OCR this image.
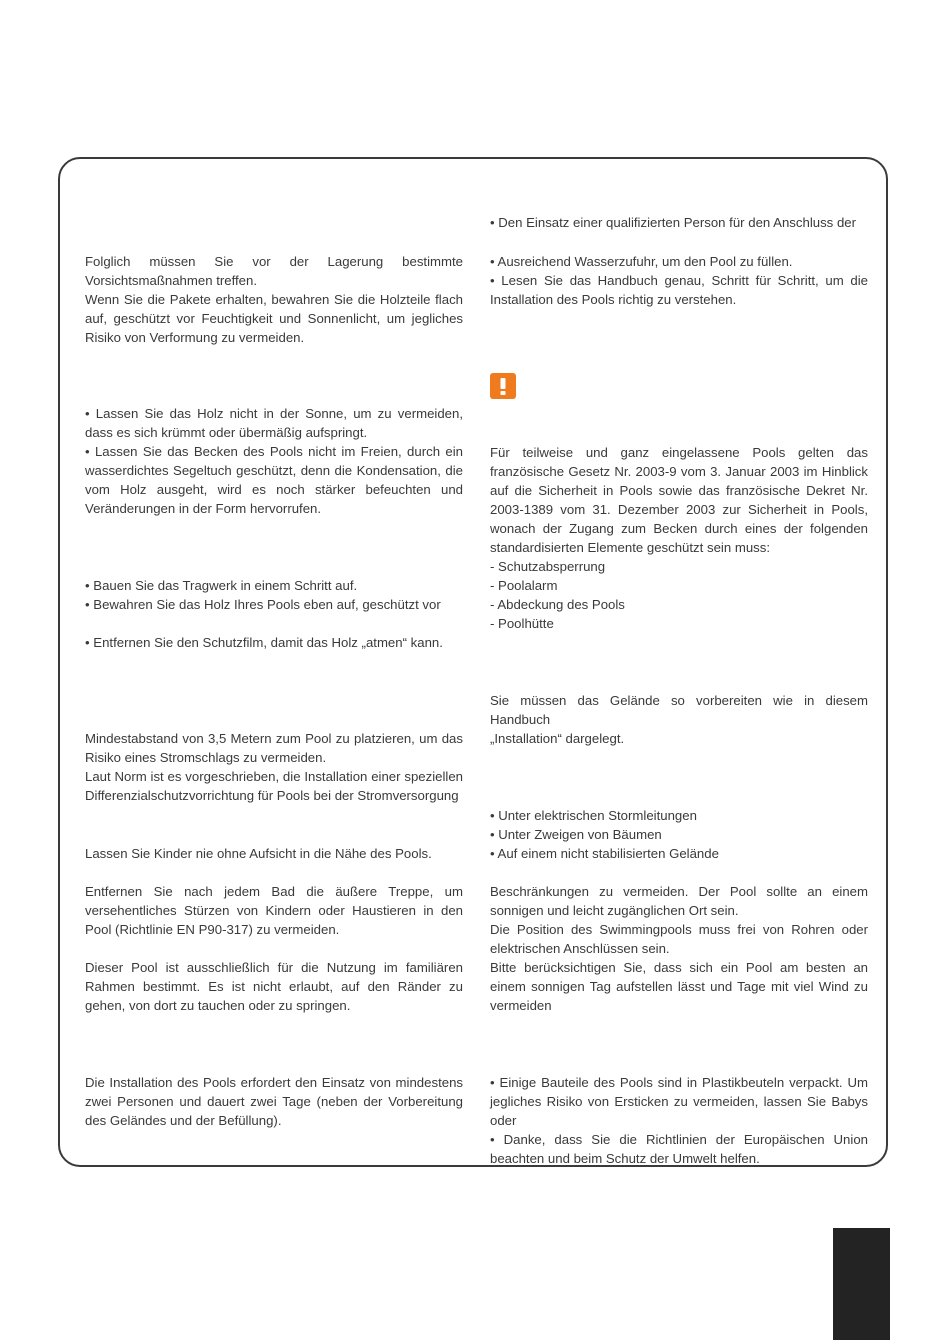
Folglich müssen Sie vor der Lagerung bestimmte Vorsichtsmaßnahmen treffen.

Wenn Sie die Pakete erhalten, bewahren Sie die Holzteile flach auf, geschützt vor Feuchtigkeit und Sonnenlicht, um jegliches Risiko von Verformung zu vermeiden.

• Lassen Sie das Holz nicht in der Sonne, um zu vermeiden, dass es sich krümmt oder übermäßig aufspringt.

• Lassen Sie das Becken des Pools nicht im Freien, durch ein wasserdichtes Segeltuch geschützt, denn die Kondensation, die vom Holz ausgeht, wird es noch stärker befeuchten und Veränderungen in der Form hervorrufen.

• Bauen Sie das Tragwerk in einem Schritt auf.

• Bewahren Sie das Holz Ihres Pools eben auf, geschützt vor

• Entfernen Sie den Schutzfilm, damit das Holz „atmen“ kann.

Mindestabstand von 3,5 Metern zum Pool zu platzieren, um das Risiko eines Stromschlags zu vermeiden.

Laut Norm ist es vorgeschrieben, die Installation einer speziellen Differenzialschutzvorrichtung für Pools bei der Stromversorgung

Lassen Sie Kinder nie ohne Aufsicht in die Nähe des Pools.

Entfernen Sie nach jedem Bad die äußere Treppe, um versehentliches Stürzen von Kindern oder Haustieren in den Pool (Richtlinie EN P90-317) zu vermeiden.

Dieser Pool ist ausschließlich für die Nutzung im familiären Rahmen bestimmt. Es ist nicht erlaubt, auf den Ränder zu gehen, von dort zu tauchen oder zu springen.

Die Installation des Pools erfordert den Einsatz von mindestens zwei Personen und dauert zwei Tage (neben der Vorbereitung des Geländes und der Befüllung).

• Den Einsatz einer qualifizierten Person für den Anschluss der

• Ausreichend Wasserzufuhr, um den Pool zu füllen.

• Lesen Sie das Handbuch genau, Schritt für Schritt, um die Installation des Pools richtig zu verstehen.

Für teilweise und ganz eingelassene Pools gelten das französische Gesetz Nr. 2003-9 vom 3. Januar 2003 im Hinblick auf die Sicherheit in Pools sowie das französische Dekret Nr. 2003-1389 vom 31. Dezember 2003 zur Sicherheit in Pools, wonach der Zugang zum Becken durch eines der folgenden standardisierten Elemente geschützt sein muss:

- Schutzabsperrung

- Poolalarm

- Abdeckung des Pools

- Poolhütte

Sie müssen das Gelände so vorbereiten wie in diesem Handbuch

„Installation“ dargelegt.

• Unter elektrischen Stormleitungen

• Unter Zweigen von Bäumen

• Auf einem nicht stabilisierten Gelände

Beschränkungen zu vermeiden. Der Pool sollte an einem sonnigen und leicht zugänglichen Ort sein.

Die Position des Swimmingpools muss frei von Rohren oder elektrischen Anschlüssen sein.

Bitte berücksichtigen Sie, dass sich ein Pool am besten an einem sonnigen Tag aufstellen lässt und Tage mit viel Wind zu vermeiden

• Einige Bauteile des Pools sind in Plastikbeuteln verpackt. Um jegliches Risiko von Ersticken zu vermeiden, lassen Sie Babys oder

• Danke, dass Sie die Richtlinien der Europäischen Union beachten und beim Schutz der Umwelt helfen.
